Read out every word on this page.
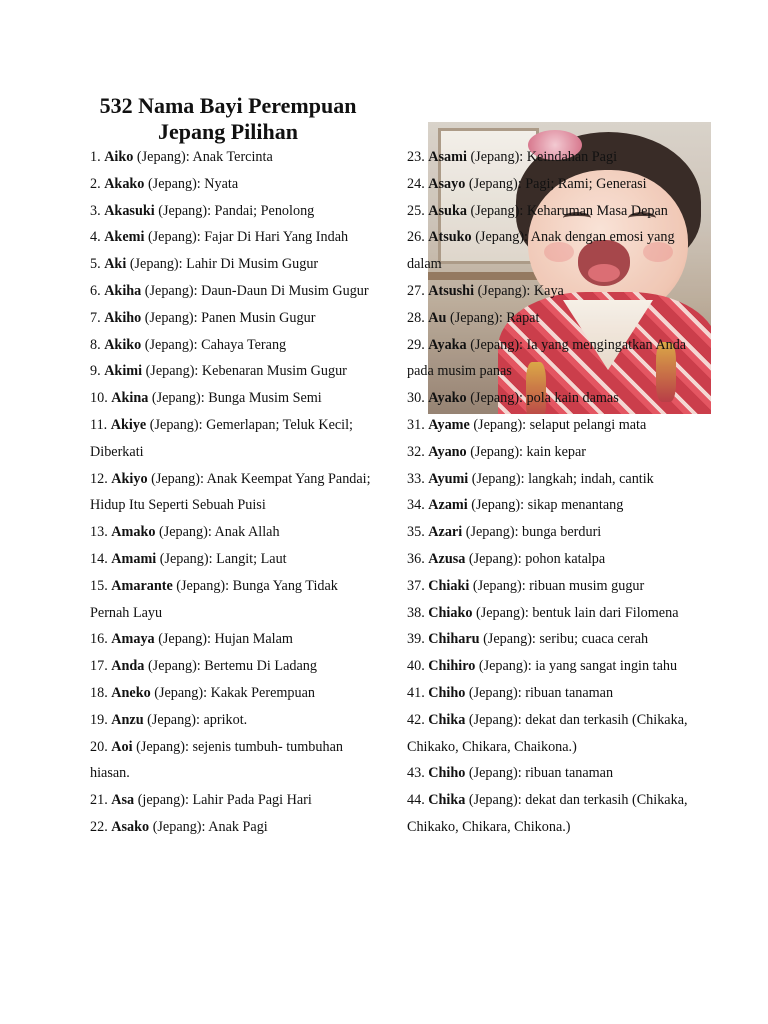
532 Nama Bayi Perempuan
Jepang Pilihan

1. Aiko (Jepang): Anak Tercinta

2. Akako (Jepang): Nyata

3. Akasuki (Jepang): Pandai; Penolong

4. Akemi (Jepang): Fajar Di Hari Yang Indah

5. Aki (Jepang): Lahir Di Musim Gugur

6. Akiha (Jepang): Daun-Daun Di Musim Gugur

7. Akiho (Jepang): Panen Musin Gugur

8. Akiko (Jepang): Cahaya Terang

9. Akimi (Jepang): Kebenaran Musim Gugur

10. Akina (Jepang): Bunga Musim Semi

11. Akiye (Jepang): Gemerlapan; Teluk Kecil; Diberkati

12. Akiyo (Jepang): Anak Keempat Yang Pandai; Hidup Itu Seperti Sebuah Puisi

13. Amako (Jepang): Anak Allah

14. Amami (Jepang): Langit; Laut

15. Amarante (Jepang): Bunga Yang Tidak Pernah Layu

16. Amaya (Jepang): Hujan Malam

17. Anda (Jepang): Bertemu Di Ladang

18. Aneko (Jepang): Kakak Perempuan

19. Anzu (Jepang): aprikot.

20. Aoi (Jepang): sejenis tumbuh- tumbuhan hiasan.

21. Asa (jepang): Lahir Pada Pagi Hari

22. Asako (Jepang): Anak Pagi

23. Asami (Jepang): Keindahan Pagi

24. Asayo (Jepang): Pagi; Rami; Generasi

25. Asuka (Jepang): Keharuman Masa Depan

26. Atsuko (Jepang): Anak dengan emosi yang dalam

27. Atsushi (Jepang): Kaya

28. Au (Jepang): Rapat

29. Ayaka (Jepang): Ia yang mengingatkan Anda pada musim panas

30. Ayako (Jepang): pola kain damas

31. Ayame (Jepang): selaput pelangi mata

32. Ayano (Jepang): kain kepar

33. Ayumi (Jepang): langkah; indah, cantik

34. Azami (Jepang): sikap menantang

35. Azari (Jepang): bunga berduri

36. Azusa (Jepang): pohon katalpa

37. Chiaki (Jepang): ribuan musim gugur

38. Chiako (Jepang): bentuk lain dari Filomena

39. Chiharu (Jepang): seribu; cuaca cerah

40. Chihiro (Jepang): ia yang sangat ingin tahu

41. Chiho (Jepang): ribuan tanaman

42. Chika (Jepang): dekat dan terkasih (Chikaka, Chikako, Chikara, Chaikona.)

43. Chiho (Jepang): ribuan tanaman

44. Chika (Jepang): dekat dan terkasih (Chikaka, Chikako, Chikara, Chikona.)
